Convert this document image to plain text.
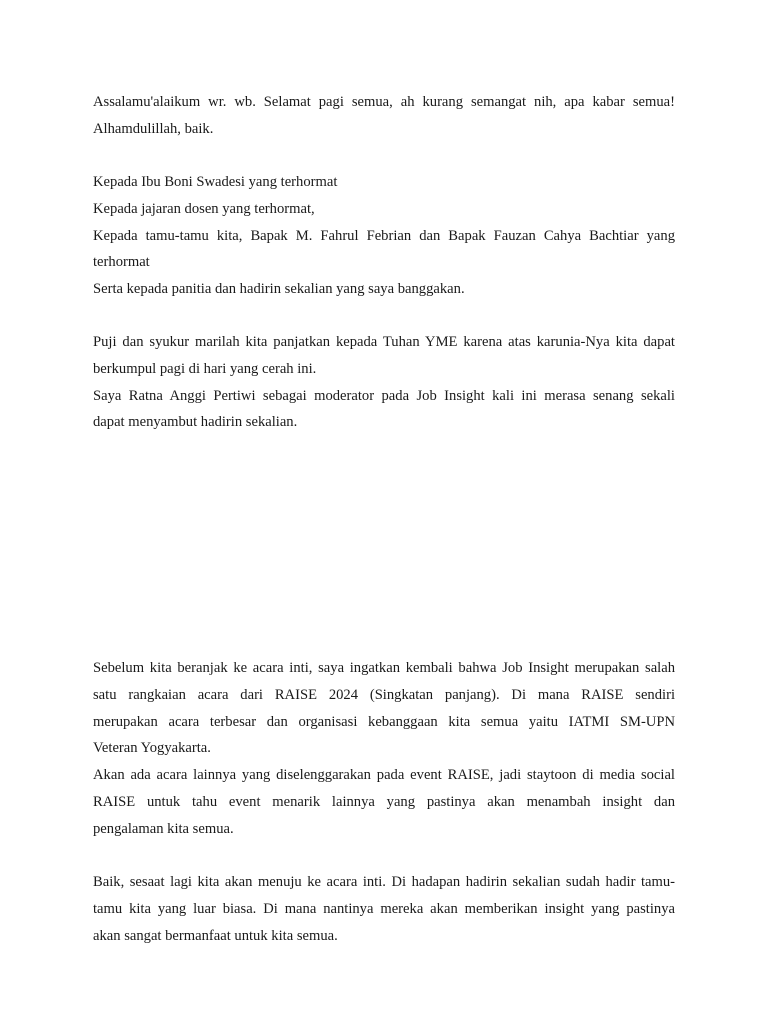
Assalamu'alaikum wr. wb. Selamat pagi semua, ah kurang semangat nih, apa kabar semua!
Alhamdulillah, baik.
Kepada Ibu Boni Swadesi yang terhormat
Kepada jajaran dosen yang terhormat,
Kepada tamu-tamu kita, Bapak M. Fahrul Febrian dan Bapak Fauzan Cahya Bachtiar yang
terhormat
Serta kepada panitia dan hadirin sekalian yang saya banggakan.
Puji dan syukur marilah kita panjatkan kepada Tuhan YME karena atas karunia-Nya kita dapat
berkumpul pagi di hari yang cerah ini.
Saya Ratna Anggi Pertiwi sebagai moderator pada Job Insight kali ini merasa senang sekali
dapat menyambut hadirin sekalian.
Sebelum kita beranjak ke acara inti, saya ingatkan kembali bahwa Job Insight merupakan salah
satu rangkaian acara dari RAISE 2024 (Singkatan panjang). Di mana RAISE sendiri
merupakan acara terbesar dan organisasi kebanggaan kita semua yaitu IATMI SM-UPN
Veteran Yogyakarta.
Akan ada acara lainnya yang diselenggarakan pada event RAISE, jadi staytoon di media social
RAISE untuk tahu event menarik lainnya yang pastinya akan menambah insight dan
pengalaman kita semua.
Baik, sesaat lagi kita akan menuju ke acara inti. Di hadapan hadirin sekalian sudah hadir tamu-
tamu kita yang luar biasa. Di mana nantinya mereka akan memberikan insight yang pastinya
akan sangat bermanfaat untuk kita semua.
